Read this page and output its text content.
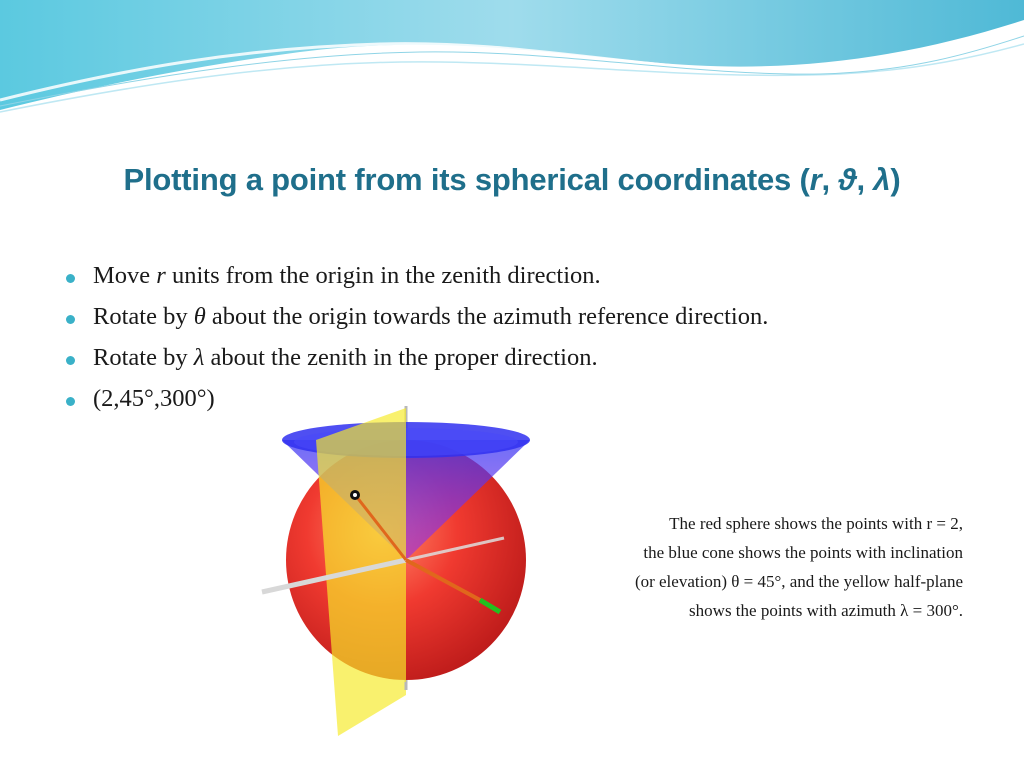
Plotting a point from its spherical coordinates (r, ϑ, λ)
Move r units from the origin in the zenith direction.
Rotate by θ about the origin towards the azimuth reference direction.
Rotate by λ about the zenith in the proper direction.
(2,45°,300°)
The red sphere shows the points with r = 2,
the blue cone shows the points with inclination
(or elevation) θ = 45°, and the yellow half-plane
shows the points with azimuth λ = 300°.
